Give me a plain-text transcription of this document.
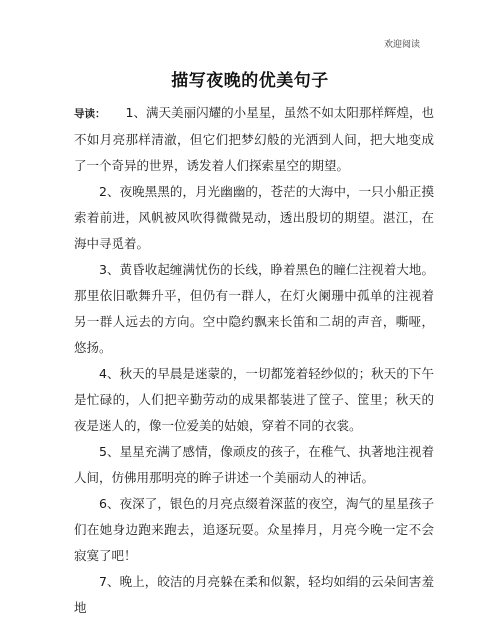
欢迎阅读
描写夜晚的优美句子

导读： 1、满天美丽闪耀的小星星，虽然不如太阳那样辉煌，也不如月亮那样清澈，但它们把梦幻般的光洒到人间，把大地变成了一个奇异的世界，诱发着人们探索星空的期望。

2、夜晚黑黑的，月光幽幽的，苍茫的大海中，一只小船正摸索着前进，风帆被风吹得微微晃动，透出殷切的期望。湛江，在海中寻觅着。

3、黄昏收起缠满忧伤的长线，睁着黑色的瞳仁注视着大地。那里依旧歌舞升平，但仍有一群人，在灯火阑珊中孤单的注视着另一群人远去的方向。空中隐约飘来长笛和二胡的声音，嘶哑，悠扬。

4、秋天的早晨是迷蒙的，一切都笼着轻纱似的；秋天的下午是忙碌的，人们把辛勤劳动的成果都装进了筐子、筐里；秋天的夜是迷人的，像一位爱美的姑娘，穿着不同的衣裳。

5、星星充满了感情，像顽皮的孩子，在稚气、执著地注视着人间，仿佛用那明亮的眸子讲述一个美丽动人的神话。

6、夜深了，银色的月亮点缀着深蓝的夜空，淘气的星星孩子们在她身边跑来跑去，追逐玩耍。众星捧月，月亮今晚一定不会寂寞了吧！

7、晚上，皎洁的月亮躲在柔和似絮，轻均如绢的云朵间害羞地
